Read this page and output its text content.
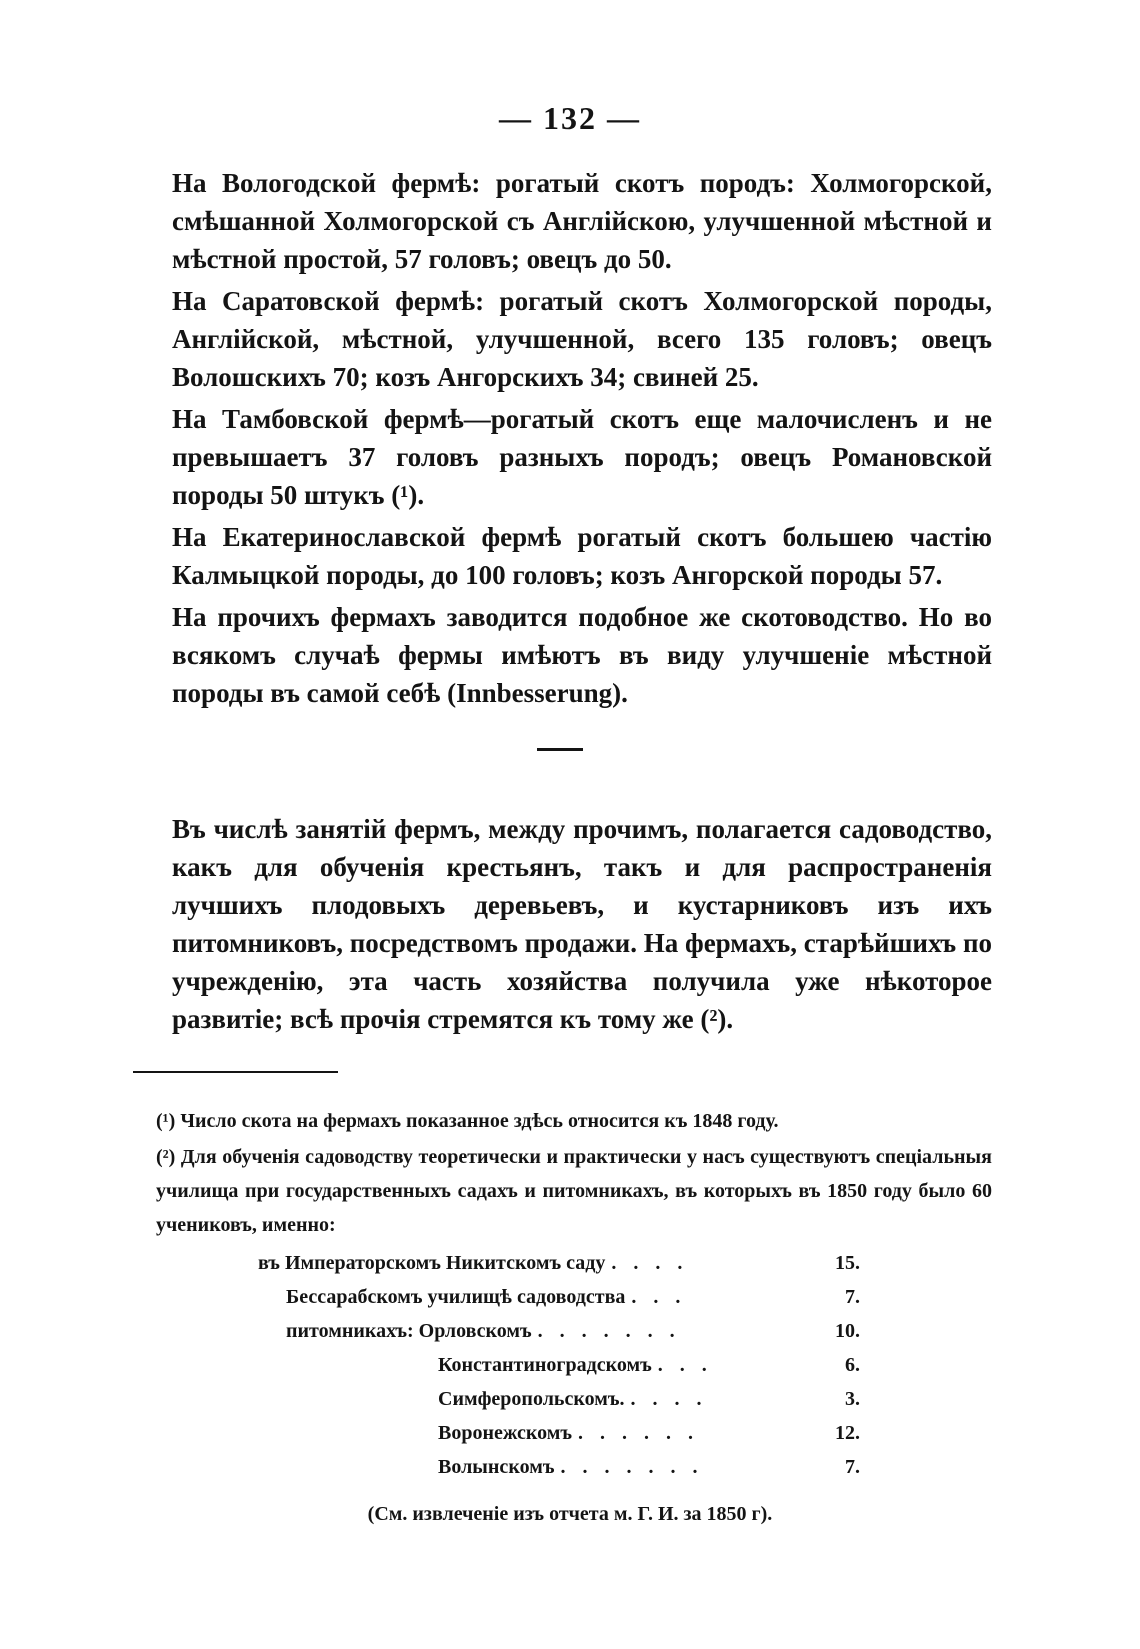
— 132 —

На Вологодской фермѣ: рогатый скотъ породъ: Холмогорской, смѣшанной Холмогорской съ Англійскою, улучшенной мѣстной и мѣстной простой, 57 головъ; овецъ до 50.

На Саратовской фермѣ: рогатый скотъ Холмогорской породы, Англійской, мѣстной, улучшенной, всего 135 головъ; овецъ Волошскихъ 70; козъ Ангорскихъ 34; свиней 25.

На Тамбовской фермѣ—рогатый скотъ еще малочисленъ и не превышаетъ 37 головъ разныхъ породъ; овецъ Романовской породы 50 штукъ (¹).

На Екатеринославской фермѣ рогатый скотъ большею частію Калмыцкой породы, до 100 головъ; козъ Ангорской породы 57.

На прочихъ фермахъ заводится подобное же скотоводство. Но во всякомъ случаѣ фермы имѣютъ въ виду улучшеніе мѣстной породы въ самой себѣ (Innbesserung).

Въ числѣ занятій фермъ, между прочимъ, полагается садоводство, какъ для обученія крестьянъ, такъ и для распространенія лучшихъ плодовыхъ деревьевъ, и кустарниковъ изъ ихъ питомниковъ, посредствомъ продажи. На фермахъ, старѣйшихъ по учрежденію, эта часть хозяйства получила уже нѣкоторое развитіе; всѣ прочія стремятся къ тому же (²).

(¹) Число скота на фермахъ показанное здѣсь относится къ 1848 году.

(²) Для обученія садоводству теоретически и практически у насъ существуютъ спеціальныя училища при государственныхъ садахъ и питомникахъ, въ которыхъ въ 1850 году было 60 учениковъ, именно:

въ Императорскомъ Никитскомъ саду . . . .	15.
Бессарабскомъ училищѣ садоводства . . .	7.
питомникахъ: Орловскомъ . . . . . . .	10.
Константиноградскомъ . . .	6.
Симферопольскомъ. . . . .	3.
Воронежскомъ . . . . . .	12.
Волынскомъ . . . . . . .	7.
(См. извлеченіе изъ отчета м. Г. И. за 1850 г).
